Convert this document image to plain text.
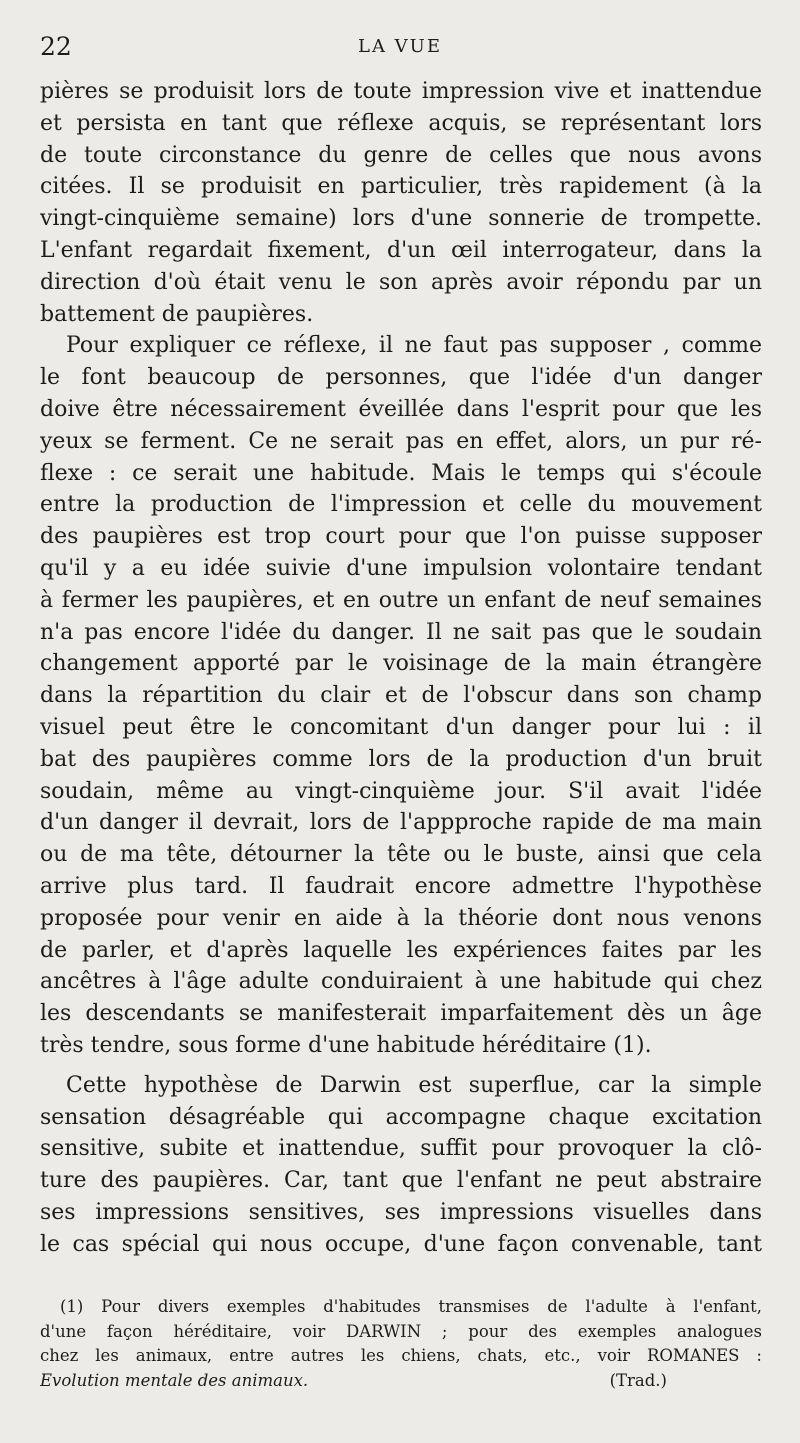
22	LA VUE
pières se produisit lors de toute impression vive et inattendue
et persista en tant que réflexe acquis, se représentant lors
de toute circonstance du genre de celles que nous avons
citées. Il se produisit en particulier, très rapidement (à la
vingt-cinquième semaine) lors d'une sonnerie de trompette.
L'enfant regardait fixement, d'un œil interrogateur, dans la
direction d'où était venu le son après avoir répondu par un
battement de paupières.
Pour expliquer ce réflexe, il ne faut pas supposer , comme
le font beaucoup de personnes, que l'idée d'un danger
doive être nécessairement éveillée dans l'esprit pour que les
yeux se ferment. Ce ne serait pas en effet, alors, un pur ré-
flexe : ce serait une habitude. Mais le temps qui s'écoule
entre la production de l'impression et celle du mouvement
des paupières est trop court pour que l'on puisse supposer
qu'il y a eu idée suivie d'une impulsion volontaire tendant
à fermer les paupières, et en outre un enfant de neuf semaines
n'a pas encore l'idée du danger. Il ne sait pas que le soudain
changement apporté par le voisinage de la main étrangère
dans la répartition du clair et de l'obscur dans son champ
visuel peut être le concomitant d'un danger pour lui : il
bat des paupières comme lors de la production d'un bruit
soudain, même au vingt-cinquième jour. S'il avait l'idée
d'un danger il devrait, lors de l'appproche rapide de ma main
ou de ma tête, détourner la tête ou le buste, ainsi que cela
arrive plus tard. Il faudrait encore admettre l'hypothèse
proposée pour venir en aide à la théorie dont nous venons
de parler, et d'après laquelle les expériences faites par les
ancêtres à l'âge adulte conduiraient à une habitude qui chez
les descendants se manifesterait imparfaitement dès un âge
très tendre, sous forme d'une habitude héréditaire (1).
Cette hypothèse de Darwin est superflue, car la simple
sensation désagréable qui accompagne chaque excitation
sensitive, subite et inattendue, suffit pour provoquer la clô-
ture des paupières. Car, tant que l'enfant ne peut abstraire
ses impressions sensitives, ses impressions visuelles dans
le cas spécial qui nous occupe, d'une façon convenable, tant
(1) Pour divers exemples d'habitudes transmises de l'adulte à l'enfant,
d'une façon héréditaire, voir DARWIN ; pour des exemples analogues
chez les animaux, entre autres les chiens, chats, etc., voir ROMANES :
Evolution mentale des animaux.	(Trad.)
